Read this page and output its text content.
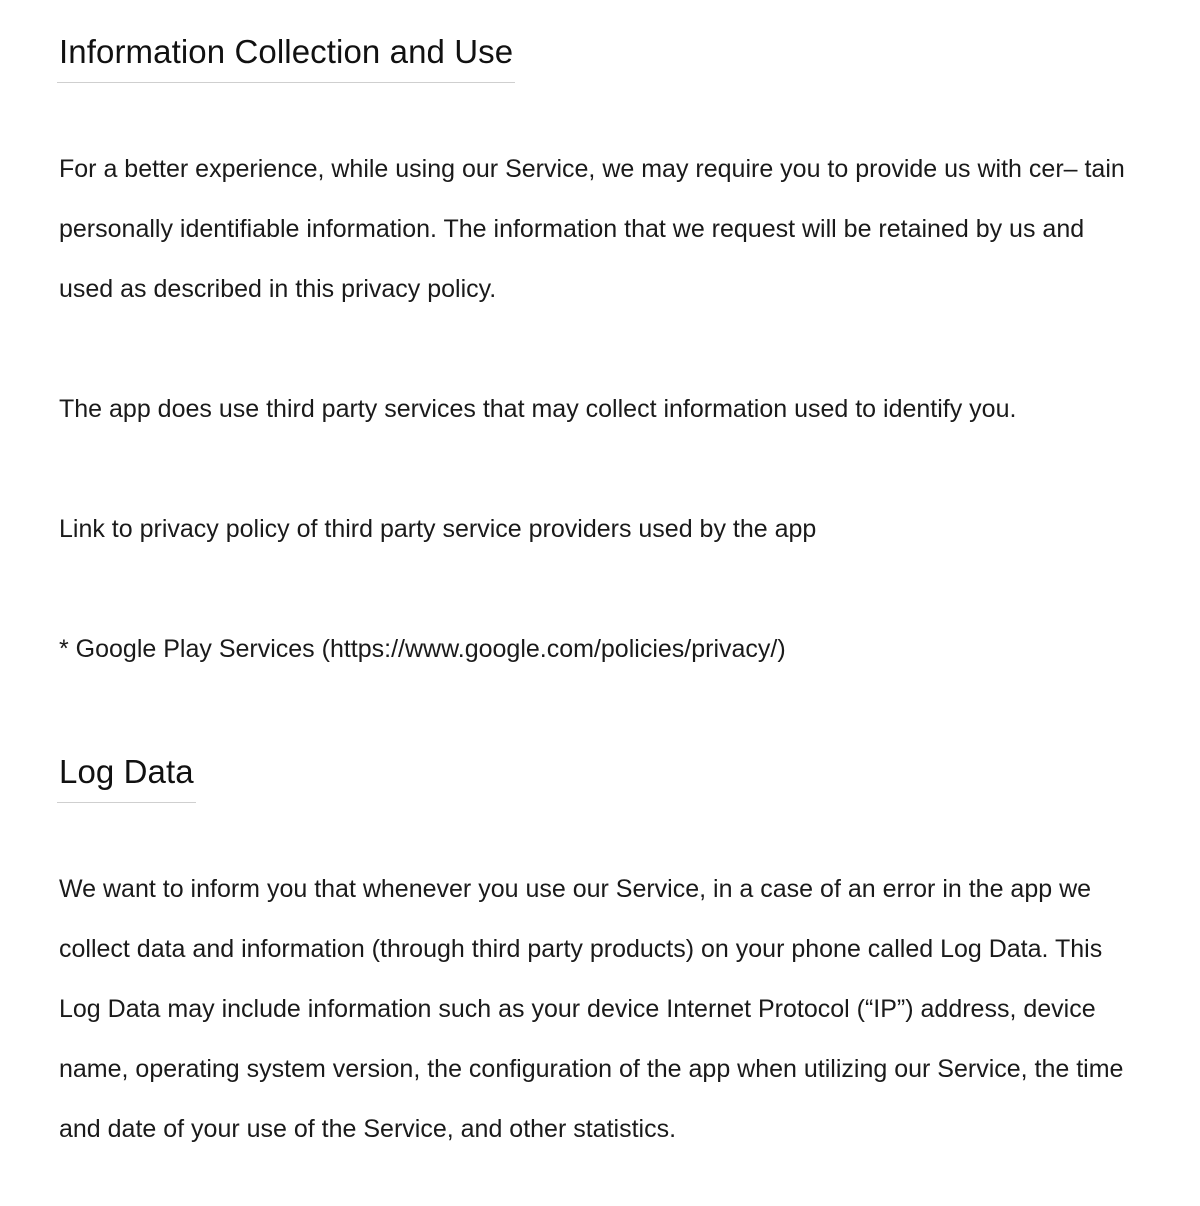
Information Collection and Use

For a better experience, while using our Service, we may require you to provide us with cer– tain personally identifiable information. The information that we request will be retained by us and used as described in this privacy policy.

The app does use third party services that may collect information used to identify you.

Link to privacy policy of third party service providers used by the app

* Google Play Services (https://www.google.com/policies/privacy/)

Log Data

We want to inform you that whenever you use our Service, in a case of an error in the app we collect data and information (through third party products) on your phone called Log Data. This Log Data may include information such as your device Internet Protocol (“IP”) address, device name, operating system version, the configuration of the app when utilizing our Service, the time and date of your use of the Service, and other statistics.
